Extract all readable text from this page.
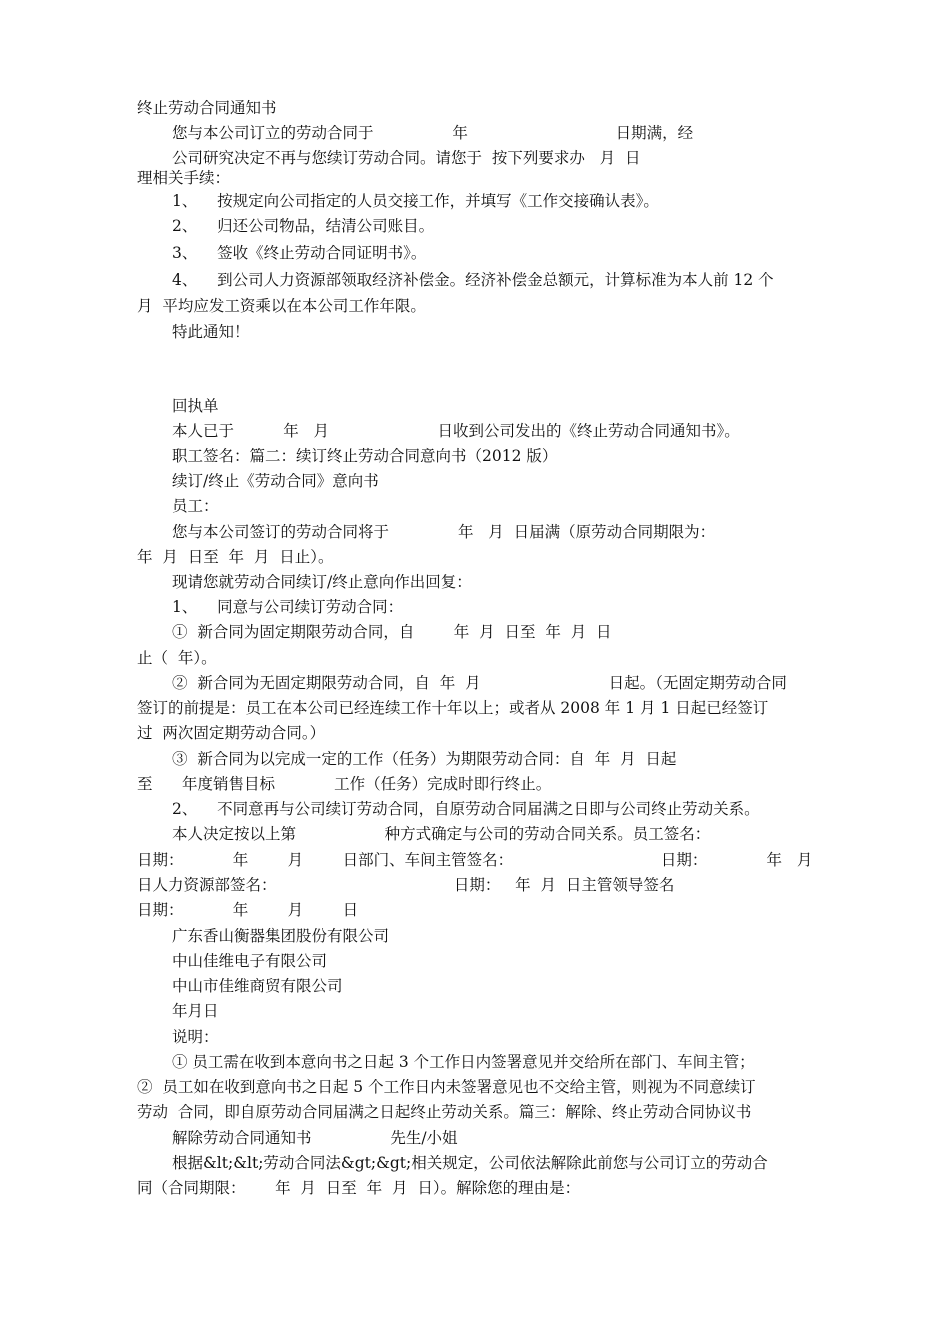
终止劳动合同通知书
您与本公司订立的劳动合同于                年                              日期满，经
公司研究决定不再与您续订劳动合同。请您于  按下列要求办   月  日
理相关手续：
1、    按规定向公司指定的人员交接工作，并填写《工作交接确认表》。
2、    归还公司物品，结清公司账目。
3、    签收《终止劳动合同证明书》。
4、    到公司人力资源部领取经济补偿金。经济补偿金总额元，计算标准为本人前 12 个
月  平均应发工资乘以在本公司工作年限。
特此通知！
回执单
本人已于          年   月                      日收到公司发出的《终止劳动合同通知书》。
职工签名：篇二：续订终止劳动合同意向书（2012 版）
续订/终止《劳动合同》意向书
员工：
您与本公司签订的劳动合同将于              年   月  日届满（原劳动合同期限为：
年  月  日至  年  月  日止）。
现请您就劳动合同续订/终止意向作出回复：
1、    同意与公司续订劳动合同：
①  新合同为固定期限劳动合同，自        年  月  日至  年  月  日
止（  年）。
②  新合同为无固定期限劳动合同，自  年  月                          日起。（无固定期劳动合同
签订的前提是：员工在本公司已经连续工作十年以上；或者从 2008 年 1 月 1 日起已经签订
过  两次固定期劳动合同。）
③  新合同为以完成一定的工作（任务）为期限劳动合同：自  年  月  日起
至      年度销售目标            工作（任务）完成时即行终止。
2、    不同意再与公司续订劳动合同，自原劳动合同届满之日即与公司终止劳动关系。
本人决定按以上第                  种方式确定与公司的劳动合同关系。员工签名：
日期：          年        月        日部门、车间主管签名：                              日期：            年   月
日人力资源部签名：                                    日期：   年  月  日主管领导签名
日期：          年        月        日
广东香山衡器集团股份有限公司
中山佳维电子有限公司
中山市佳维商贸有限公司
年月日
说明：
① 员工需在收到本意向书之日起 3 个工作日内签署意见并交给所在部门、车间主管；
②  员工如在收到意向书之日起 5 个工作日内未签署意见也不交给主管，则视为不同意续订
劳动  合同，即自原劳动合同届满之日起终止劳动关系。篇三：解除、终止劳动合同协议书
解除劳动合同通知书                先生/小姐
根据&lt;&lt;劳动合同法&gt;&gt;相关规定，公司依法解除此前您与公司订立的劳动合
同（合同期限：      年  月  日至  年  月  日）。解除您的理由是：
